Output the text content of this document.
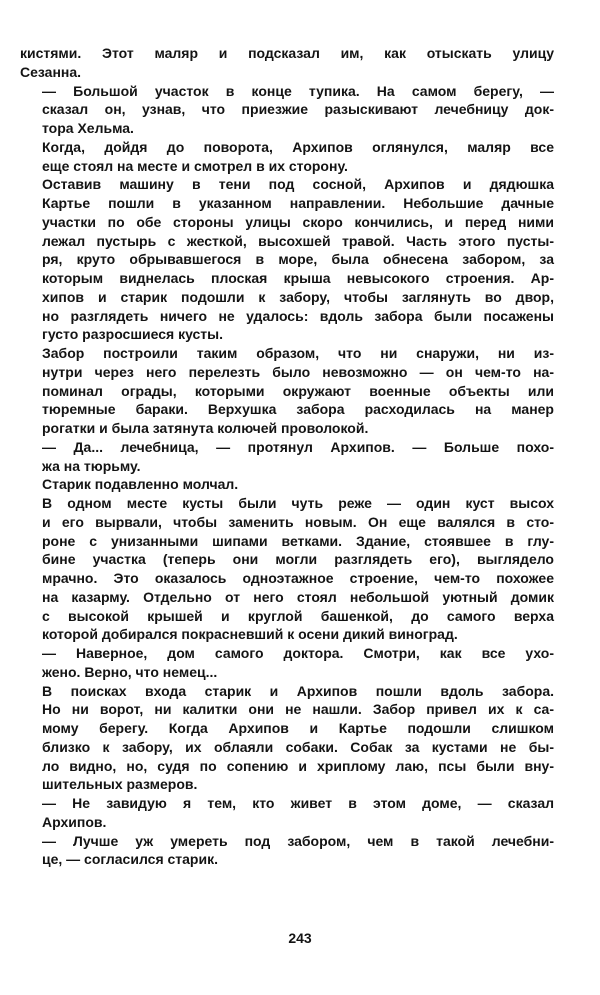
кистями. Этот маляр и подсказал им, как отыскать улицу
Сезанна.

— Большой участок в конце тупика. На самом берегу, —
сказал он, узнав, что приезжие разыскивают лечебницу док-
тора Хельма.

Когда, дойдя до поворота, Архипов оглянулся, маляр все
еще стоял на месте и смотрел в их сторону.

Оставив машину в тени под сосной, Архипов и дядюшка
Картье пошли в указанном направлении. Небольшие дачные
участки по обе стороны улицы скоро кончились, и перед ними
лежал пустырь с жесткой, высохшей травой. Часть этого пусты-
ря, круто обрывавшегося в море, была обнесена забором, за
которым виднелась плоская крыша невысокого строения. Ар-
хипов и старик подошли к забору, чтобы заглянуть во двор,
но разглядеть ничего не удалось: вдоль забора были посажены
густо разросшиеся кусты.

Забор построили таким образом, что ни снаружи, ни из-
нутри через него перелезть было невозможно — он чем-то на-
поминал ограды, которыми окружают военные объекты или
тюремные бараки. Верхушка забора расходилась на манер
рогатки и была затянута колючей проволокой.

— Да... лечебница, — протянул Архипов. — Больше похо-
жа на тюрьму.

Старик подавленно молчал.

В одном месте кусты были чуть реже — один куст высох
и его вырвали, чтобы заменить новым. Он еще валялся в сто-
роне с унизанными шипами ветками. Здание, стоявшее в глу-
бине участка (теперь они могли разглядеть его), выглядело
мрачно. Это оказалось одноэтажное строение, чем-то похожее
на казарму. Отдельно от него стоял небольшой уютный домик
с высокой крышей и круглой башенкой, до самого верха
которой добирался покрасневший к осени дикий виноград.

— Наверное, дом самого доктора. Смотри, как все ухо-
жено. Верно, что немец...

В поисках входа старик и Архипов пошли вдоль забора.
Но ни ворот, ни калитки они не нашли. Забор привел их к са-
мому берегу. Когда Архипов и Картье подошли слишком
близко к забору, их облаяли собаки. Собак за кустами не бы-
ло видно, но, судя по сопению и хриплому лаю, псы были вну-
шительных размеров.

— Не завидую я тем, кто живет в этом доме, — сказал
Архипов.

— Лучше уж умереть под забором, чем в такой лечебни-
це, — согласился старик.

243
